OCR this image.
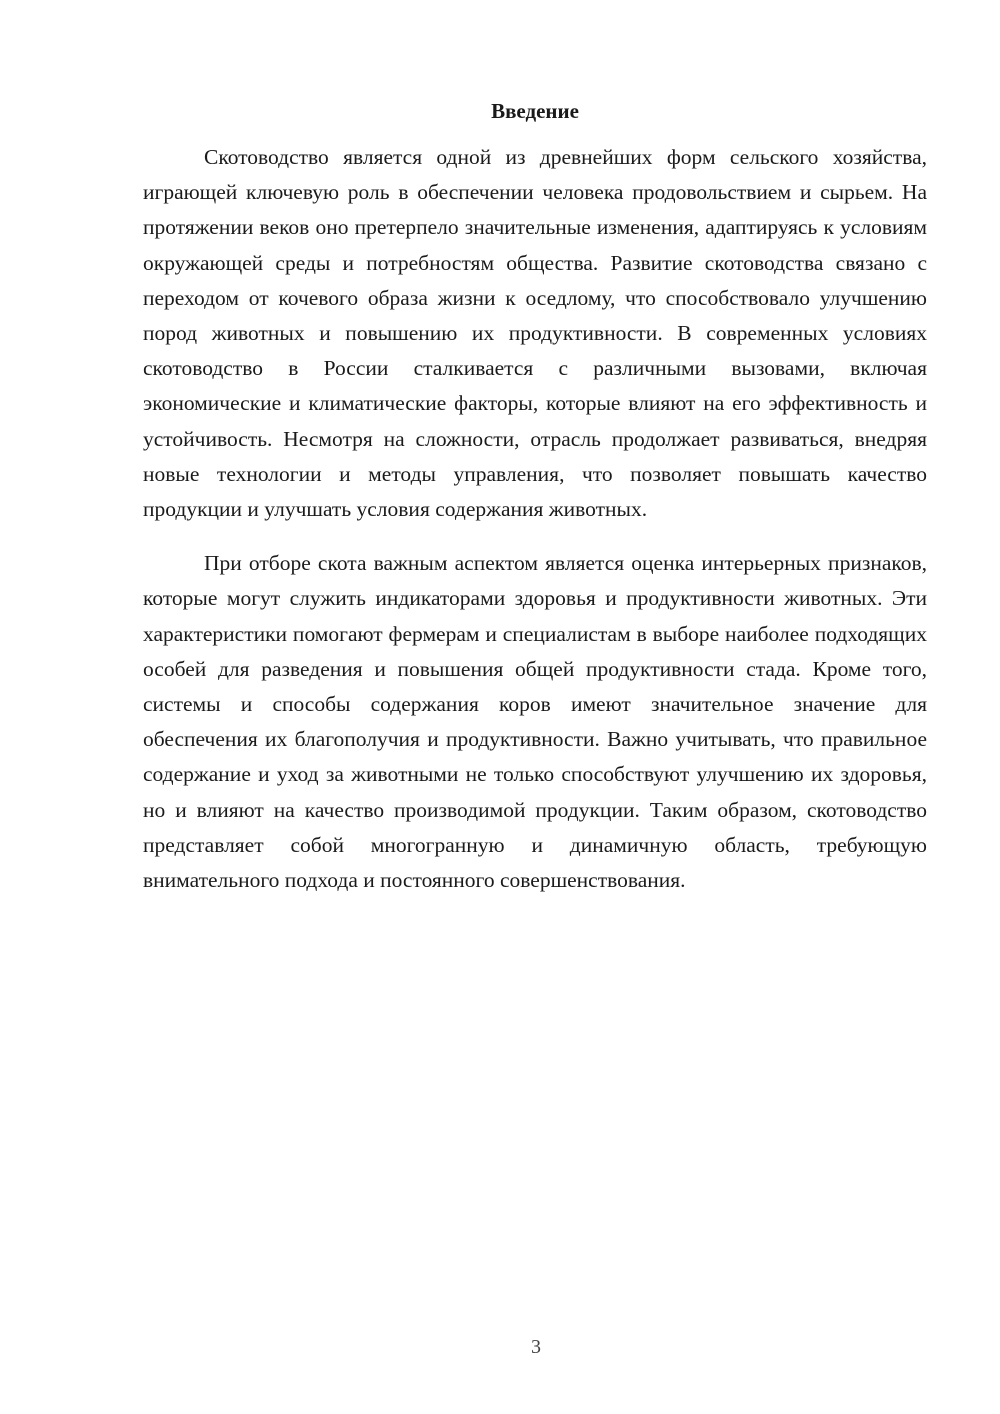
Введение

Скотоводство является одной из древнейших форм сельского хозяйства, играющей ключевую роль в обеспечении человека продовольствием и сырьем. На протяжении веков оно претерпело значительные изменения, адаптируясь к условиям окружающей среды и потребностям общества. Развитие скотоводства связано с переходом от кочевого образа жизни к оседлому, что способствовало улучшению пород животных и повышению их продуктивности. В современных условиях скотоводство в России сталкивается с различными вызовами, включая экономические и климатические факторы, которые влияют на его эффективность и устойчивость. Несмотря на сложности, отрасль продолжает развиваться, внедряя новые технологии и методы управления, что позволяет повышать качество продукции и улучшать условия содержания животных.

При отборе скота важным аспектом является оценка интерьерных признаков, которые могут служить индикаторами здоровья и продуктивности животных. Эти характеристики помогают фермерам и специалистам в выборе наиболее подходящих особей для разведения и повышения общей продуктивности стада. Кроме того, системы и способы содержания коров имеют значительное значение для обеспечения их благополучия и продуктивности. Важно учитывать, что правильное содержание и уход за животными не только способствуют улучшению их здоровья, но и влияют на качество производимой продукции. Таким образом, скотоводство представляет собой многогранную и динамичную область, требующую внимательного подхода и постоянного совершенствования.

3
